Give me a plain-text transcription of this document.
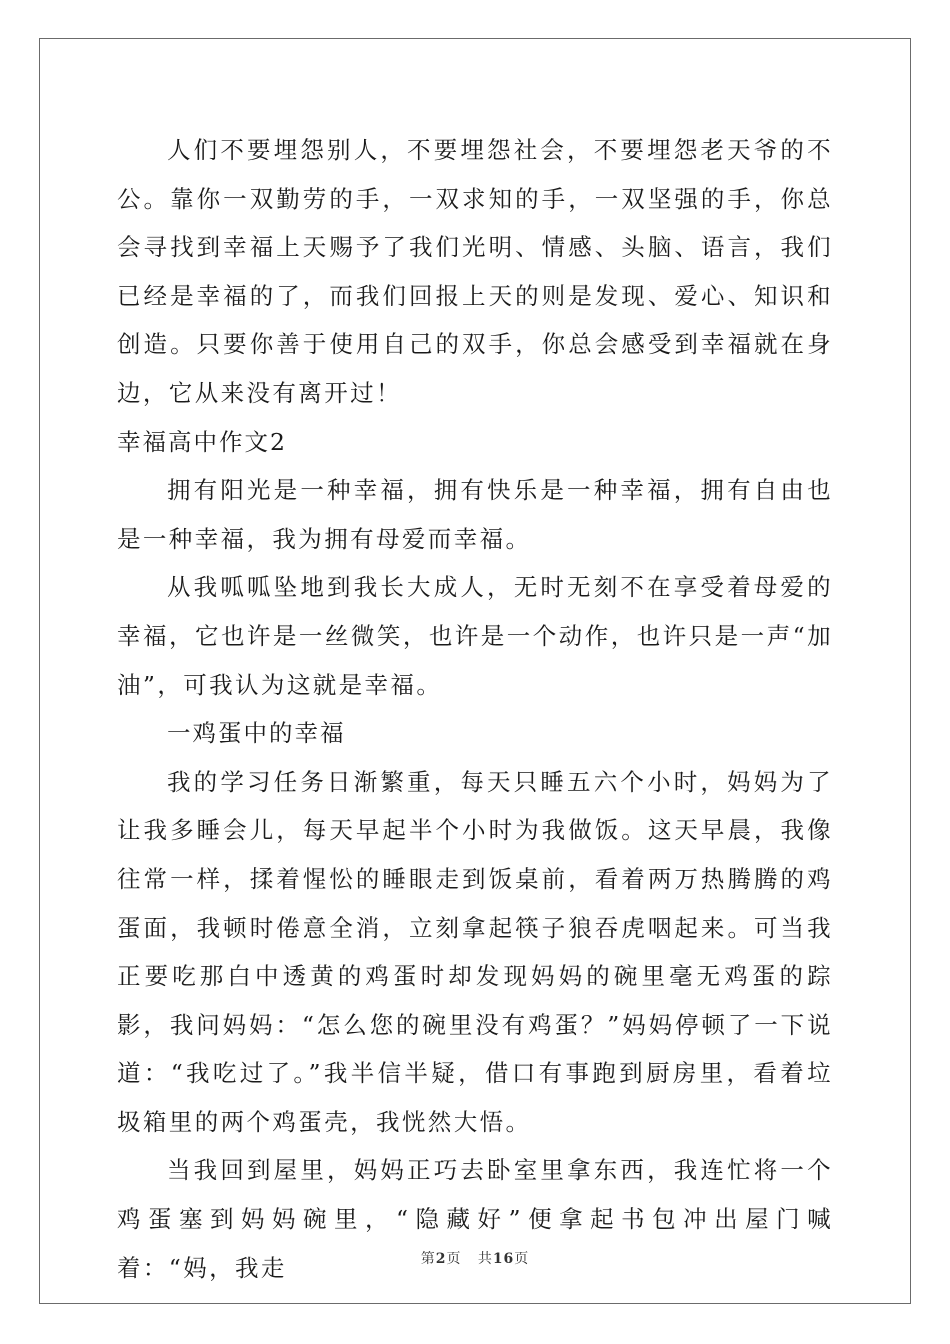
人们不要埋怨别人，不要埋怨社会，不要埋怨老天爷的不公。靠你一双勤劳的手，一双求知的手，一双坚强的手，你总会寻找到幸福上天赐予了我们光明、情感、头脑、语言，我们已经是幸福的了，而我们回报上天的则是发现、爱心、知识和创造。只要你善于使用自己的双手，你总会感受到幸福就在身边，它从来没有离开过！

幸福高中作文2

拥有阳光是一种幸福，拥有快乐是一种幸福，拥有自由也是一种幸福，我为拥有母爱而幸福。

从我呱呱坠地到我长大成人，无时无刻不在享受着母爱的幸福，它也许是一丝微笑，也许是一个动作，也许只是一声“加油”，可我认为这就是幸福。

一鸡蛋中的幸福

我的学习任务日渐繁重，每天只睡五六个小时，妈妈为了让我多睡会儿，每天早起半个小时为我做饭。这天早晨，我像往常一样，揉着惺忪的睡眼走到饭桌前，看着两万热腾腾的鸡蛋面，我顿时倦意全消，立刻拿起筷子狼吞虎咽起来。可当我正要吃那白中透黄的鸡蛋时却发现妈妈的碗里毫无鸡蛋的踪影，我问妈妈：“怎么您的碗里没有鸡蛋？”妈妈停顿了一下说道：“我吃过了。”我半信半疑，借口有事跑到厨房里，看着垃圾箱里的两个鸡蛋壳，我恍然大悟。

当我回到屋里，妈妈正巧去卧室里拿东西，我连忙将一个鸡蛋塞到妈妈碗里，“隐藏好”便拿起书包冲出屋门喊着：“妈，我走	第2页 共16页
